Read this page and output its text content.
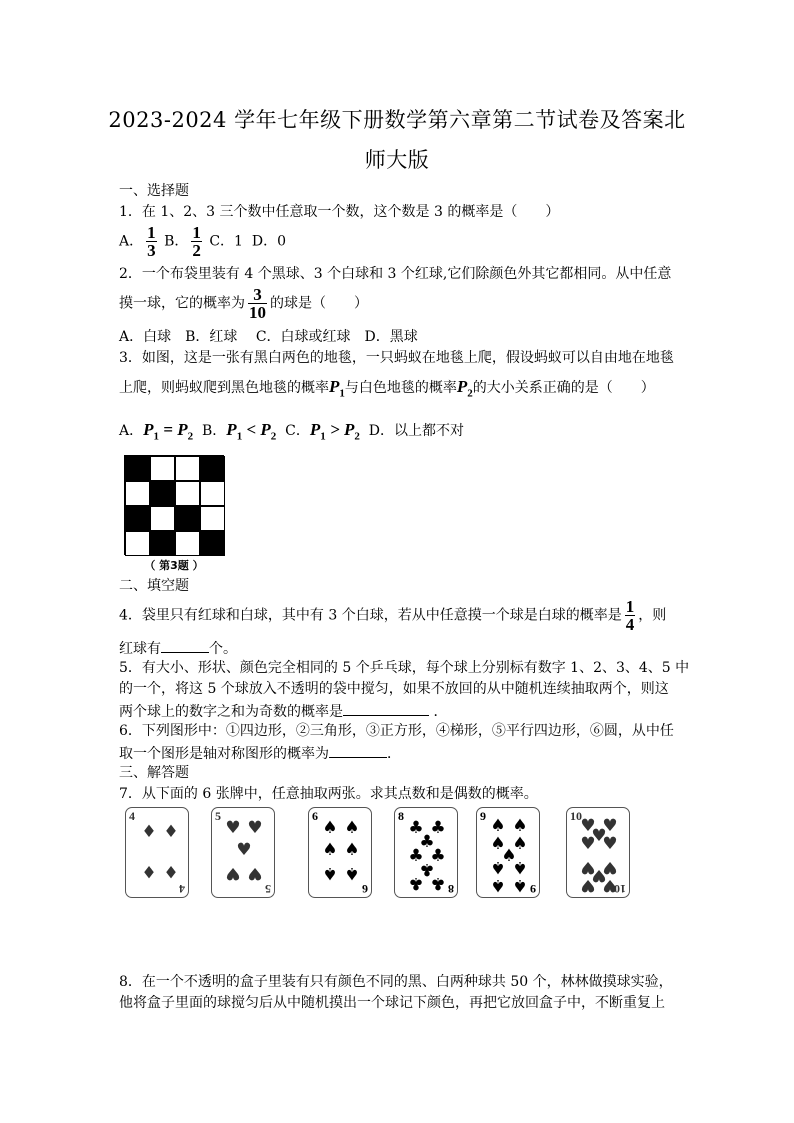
2023-2024 学年七年级下册数学第六章第二节试卷及答案北
师大版
一、选择题
1．在 1、2、3 三个数中任意取一个数，这个数是 3 的概率是（　　）
A． $\frac{1}{3}$ B． $\frac{1}{2}$ C．1 D．0
2．一个布袋里装有 4 个黑球、3 个白球和 3 个红球,它们除颜色外其它都相同。从中任意
摸一球，它的概率为 $\frac{3}{10}$ 的球是（　　）
A．白球　B．红球　 C．白球或红球　D．黑球
3．如图，这是一张有黑白两色的地毯，一只蚂蚁在地毯上爬，假设蚂蚁可以自由地在地毯
上爬，则蚂蚁爬到黑色地毯的概率$P_1$与白色地毯的概率$P_2$的大小关系正确的是（　　）
A．$P_1 = P_2$ B．$P_1 < P_2$ C．$P_1 > P_2$ D．以上都不对
（ 第3题 ）
二、填空题
4．袋里只有红球和白球，其中有 3 个白球，若从中任意摸一个球是白球的概率是 $\frac{1}{4}$ ，则
红球有	个。
5．有大小、形状、颜色完全相同的 5 个乒乓球，每个球上分别标有数字 1、2、3、4、5 中
的一个，将这 5 个球放入不透明的袋中搅匀，如果不放回的从中随机连续抽取两个，则这
两个球上的数字之和为奇数的概率是	．
6．下列图形中：①四边形，②三角形，③正方形，④梯形，⑤平行四边形，⑥圆，从中任
取一个图形是轴对称图形的概率为	．
三、解答题
7．从下面的 6 张牌中，任意抽取两张。求其点数和是偶数的概率。
4
4
♦ ♦
♦ ♦
5
5
♥ ♥
♥
♥ ♥
6
6
♠ ♠
♠ ♠
♠ ♠
8
8
♣ ♣
♣
♣ ♣
♣
♣ ♣
9
9
♠ ♠
♠ ♠
♠
♠ ♠
♠ ♠
10
10
♥ ♥
♥
♥ ♥
♥ ♥
♥
♥ ♥
8．在一个不透明的盒子里装有只有颜色不同的黑、白两种球共 50 个，林林做摸球实验，
他将盒子里面的球搅匀后从中随机摸出一个球记下颜色，再把它放回盒子中，不断重复上
